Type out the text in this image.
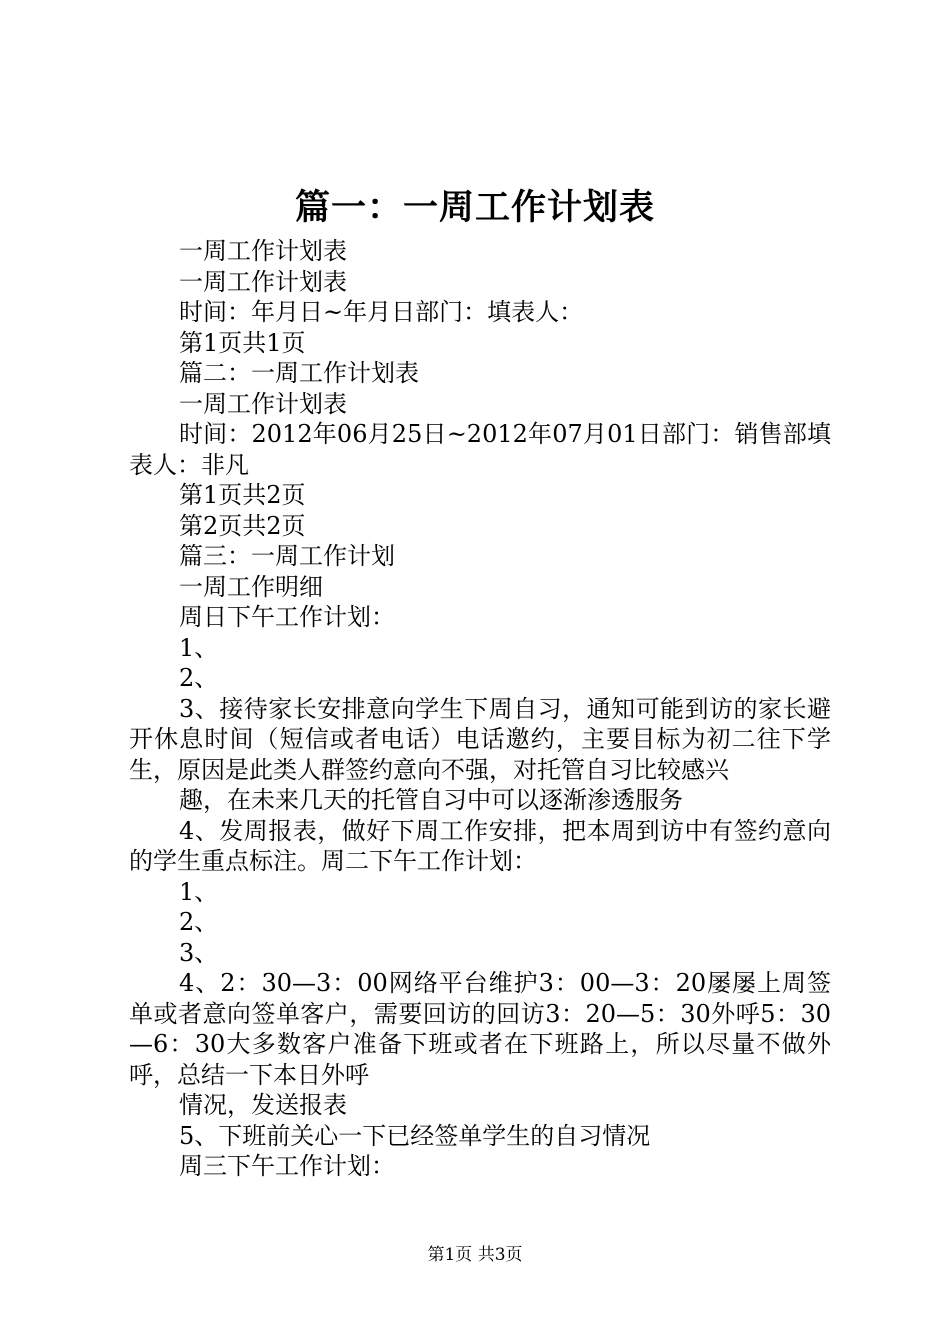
篇一：一周工作计划表

一周工作计划表

一周工作计划表

时间：年月日~年月日部门：填表人：

第1页共1页

篇二：一周工作计划表

一周工作计划表

时间：2012年06月25日~2012年07月01日部门：销售部填表人：非凡

第1页共2页

第2页共2页

篇三：一周工作计划

一周工作明细

周日下午工作计划：

1、

2、

3、接待家长安排意向学生下周自习，通知可能到访的家长避开休息时间（短信或者电话）电话邀约，主要目标为初二往下学生，原因是此类人群签约意向不强，对托管自习比较感兴

趣，在未来几天的托管自习中可以逐渐渗透服务

4、发周报表，做好下周工作安排，把本周到访中有签约意向的学生重点标注。周二下午工作计划：

1、

2、

3、

4、2：30—3：00网络平台维护3：00—3：20屡屡上周签单或者意向签单客户，需要回访的回访3：20—5：30外呼5：30—6：30大多数客户准备下班或者在下班路上，所以尽量不做外呼，总结一下本日外呼

情况，发送报表

5、下班前关心一下已经签单学生的自习情况

周三下午工作计划：

第1页 共3页
